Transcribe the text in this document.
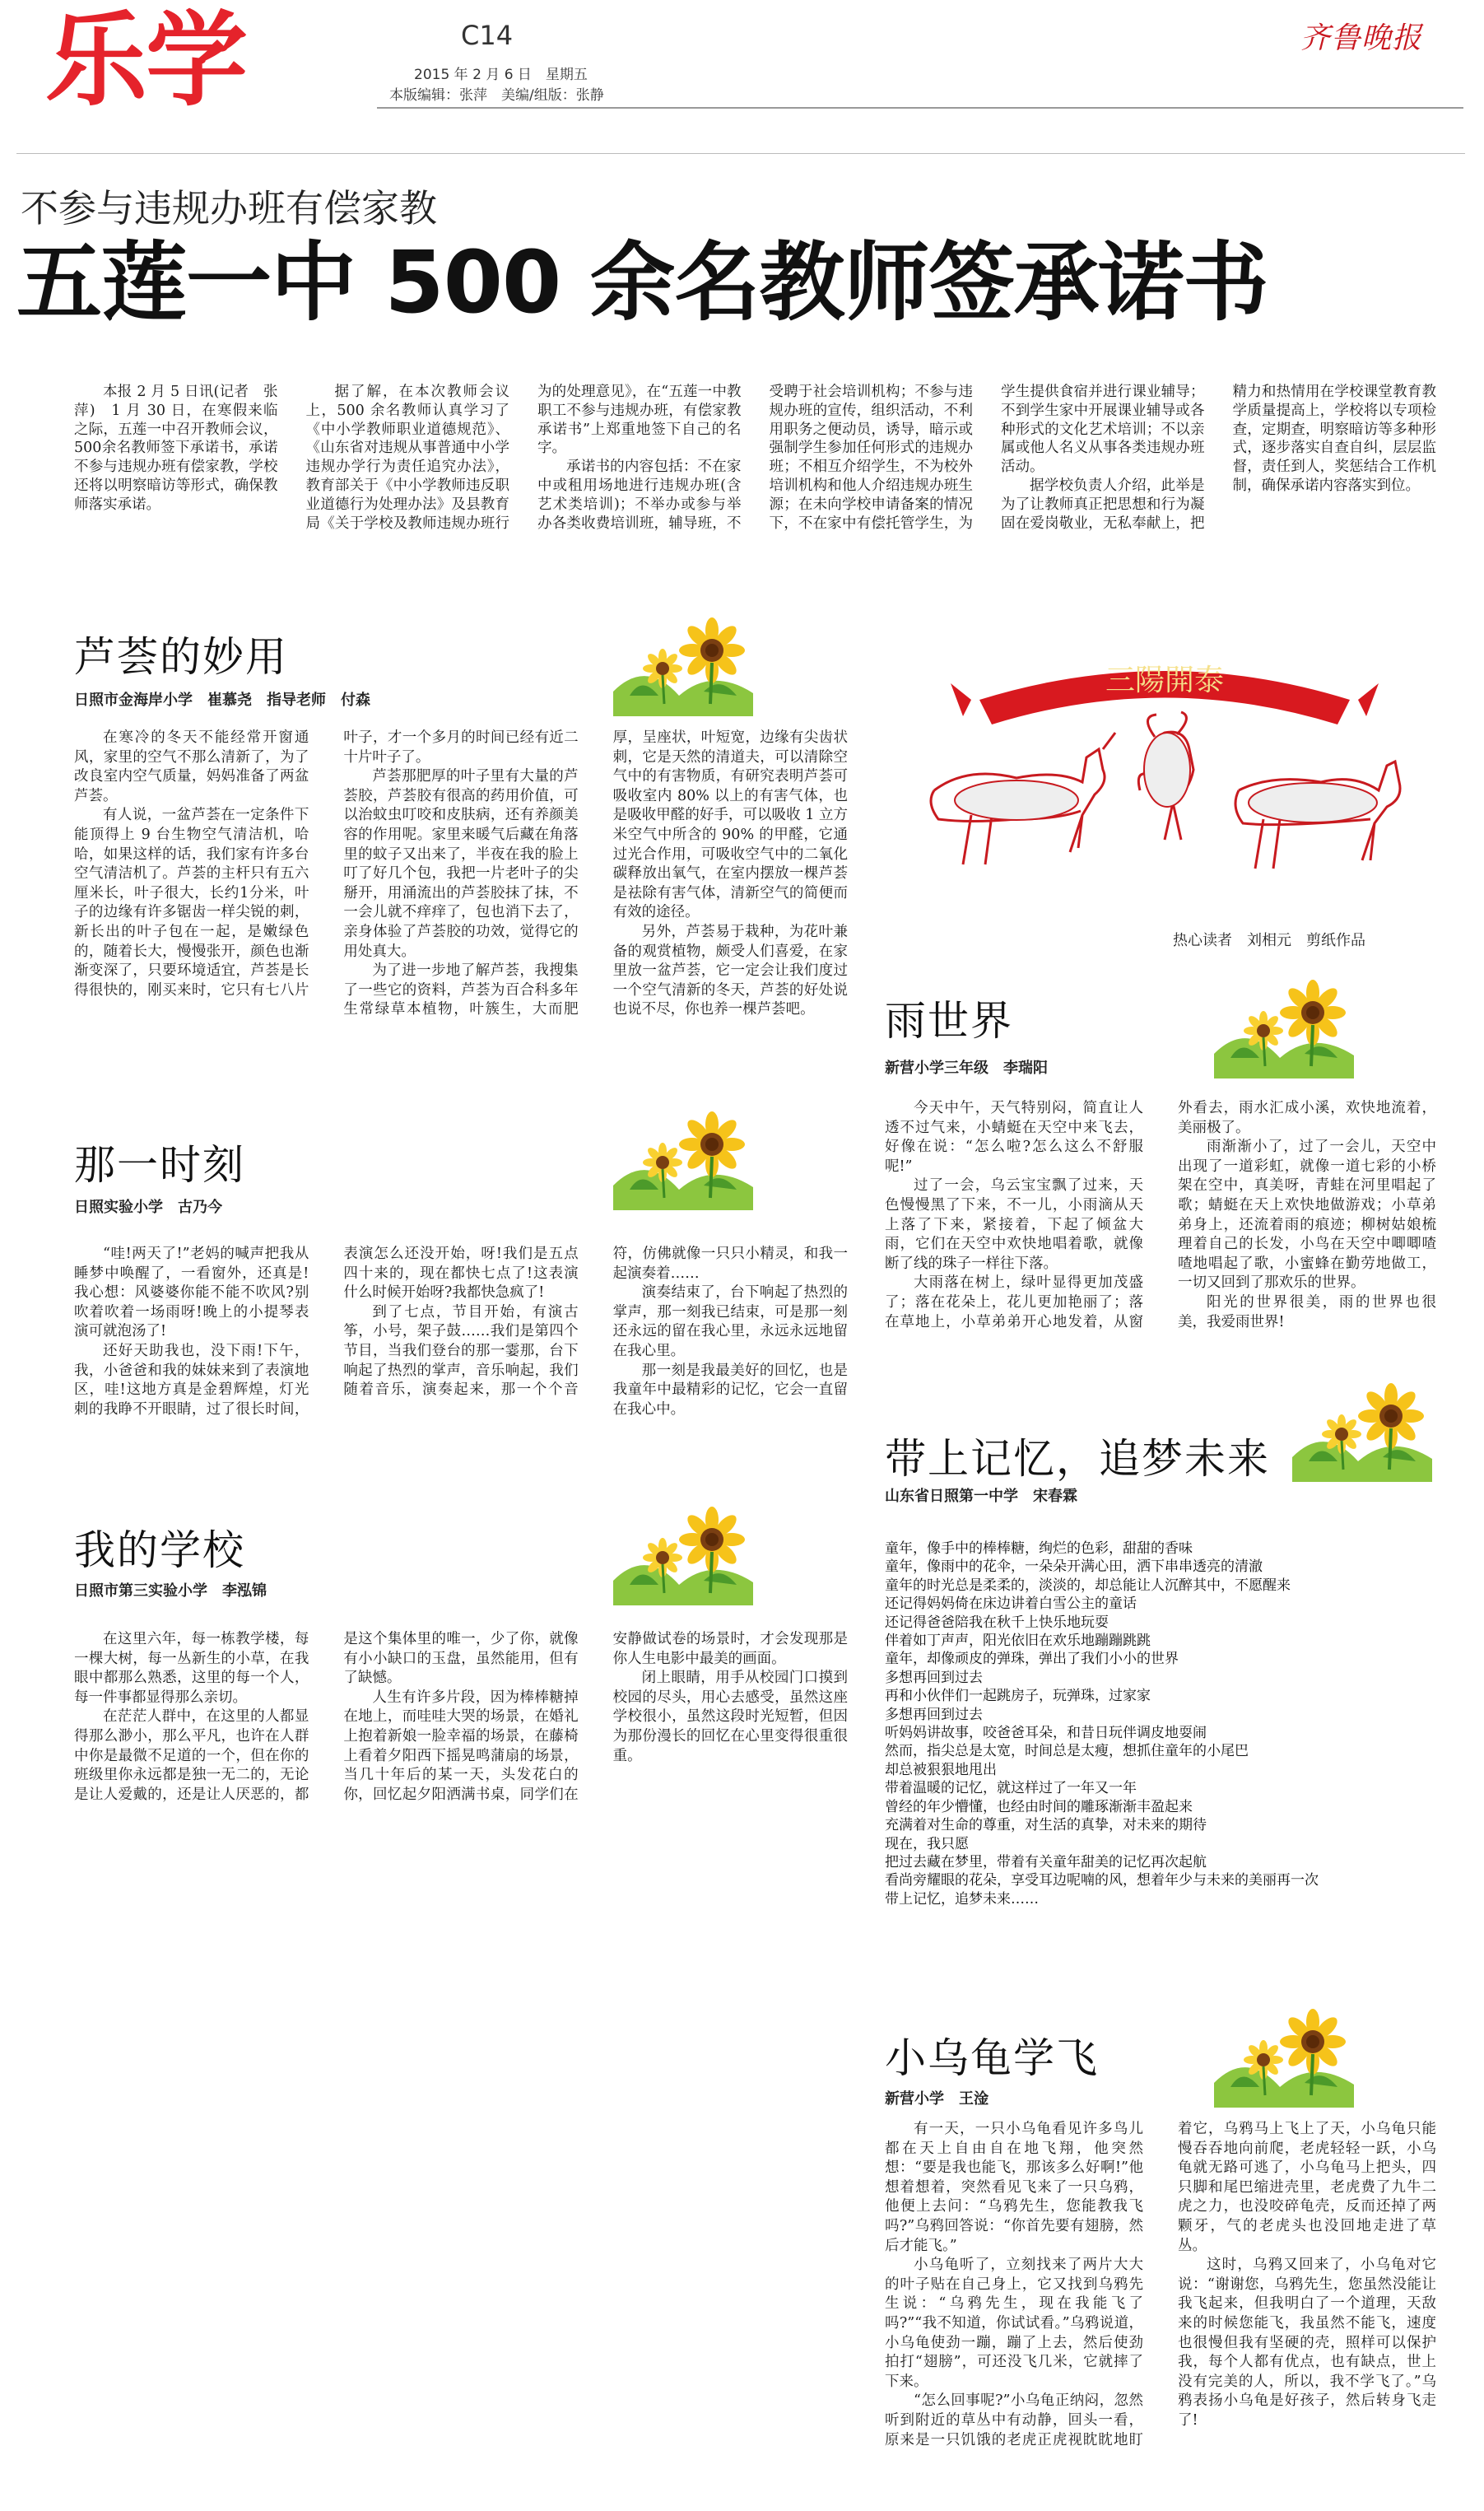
乐学	C14
2015 年 2 月 6 日　 星期五
本版编辑：张萍　美编/组版：张静
齐鲁晚报
不参与违规办班有偿家教
五莲一中 500 余名教师签承诺书

本报 2 月 5 日讯(记者　张萍)　1 月 30 日，在寒假来临之际，五莲一中召开教师会议，500余名教师签下承诺书，承诺不参与违规办班有偿家教，学校还将以明察暗访等形式，确保教师落实承诺。

据了解，在本次教师会议上，500 余名教师认真学习了《中小学教师职业道德规范》、《山东省对违规从事普通中小学违规办学行为责任追究办法》，教育部关于《中小学教师违反职业道德行为处理办法》及县教育局《关于学校及教师违规办班行为的处理意见》，在“五莲一中教职工不参与违规办班，有偿家教承诺书”上郑重地签下自己的名字。

承诺书的内容包括：不在家中或租用场地进行违规办班(含艺术类培训)；不举办或参与举办各类收费培训班，辅导班，不受聘于社会培训机构；不参与违规办班的宣传，组织活动，不利用职务之便动员，诱导，暗示或强制学生参加任何形式的违规办班；不相互介绍学生，不为校外培训机构和他人介绍违规办班生源；在未向学校申请备案的情况下，不在家中有偿托管学生，为学生提供食宿并进行课业辅导；不到学生家中开展课业辅导或各种形式的文化艺术培训；不以亲属或他人名义从事各类违规办班活动。

据学校负责人介绍，此举是为了让教师真正把思想和行为凝固在爱岗敬业，无私奉献上，把精力和热情用在学校课堂教育教学质量提高上，学校将以专项检查，定期查，明察暗访等多种形式，逐步落实自查自纠，层层监督，责任到人，奖惩结合工作机制，确保承诺内容落实到位。

芦荟的妙用
日照市金海岸小学　崔慕尧　指导老师　付森

在寒冷的冬天不能经常开窗通风，家里的空气不那么清新了，为了改良室内空气质量，妈妈准备了两盆芦荟。

有人说，一盆芦荟在一定条件下能顶得上 9 台生物空气清洁机，哈哈，如果这样的话，我们家有许多台空气清洁机了。芦荟的主杆只有五六厘米长，叶子很大，长约1分米，叶子的边缘有许多锯齿一样尖锐的刺，新长出的叶子包在一起，是嫩绿色的，随着长大，慢慢张开，颜色也渐渐变深了，只要环境适宜，芦荟是长得很快的，刚买来时，它只有七八片叶子，才一个多月的时间已经有近二十片叶子了。

芦荟那肥厚的叶子里有大量的芦荟胶，芦荟胶有很高的药用价值，可以治蚊虫叮咬和皮肤病，还有养颜美容的作用呢。家里来暖气后藏在角落里的蚊子又出来了，半夜在我的脸上叮了好几个包，我把一片老叶子的尖掰开，用涌流出的芦荟胶抹了抹，不一会儿就不痒痒了，包也消下去了，亲身体验了芦荟胶的功效，觉得它的用处真大。

为了进一步地了解芦荟，我搜集了一些它的资料，芦荟为百合科多年生常绿草本植物，叶簇生，大而肥厚，呈座状，叶短宽，边缘有尖齿状刺，它是天然的清道夫，可以清除空气中的有害物质，有研究表明芦荟可吸收室内 80% 以上的有害气体，也是吸收甲醛的好手，可以吸收 1 立方米空气中所含的 90% 的甲醛，它通过光合作用，可吸收空气中的二氧化碳释放出氧气，在室内摆放一棵芦荟是祛除有害气体，清新空气的简便而有效的途径。

另外，芦荟易于栽种，为花叶兼备的观赏植物，颇受人们喜爱，在家里放一盆芦荟，它一定会让我们度过一个空气清新的冬天，芦荟的好处说也说不尽，你也养一棵芦荟吧。

那一时刻
日照实验小学　古乃今

“哇!两天了!”老妈的喊声把我从睡梦中唤醒了，一看窗外，还真是!我心想：风婆婆你能不能不吹风?别吹着吹着一场雨呀!晚上的小提琴表演可就泡汤了!

还好天助我也，没下雨!下午，我，小爸爸和我的妹妹来到了表演地区，哇!这地方真是金碧辉煌，灯光刺的我睁不开眼睛，过了很长时间，表演怎么还没开始，呀!我们是五点四十来的，现在都快七点了!这表演什么时候开始呀?我都快急疯了!

到了七点，节目开始，有演古筝，小号，架子鼓……我们是第四个节目，当我们登台的那一霎那，台下响起了热烈的掌声，音乐响起，我们随着音乐，演奏起来，那一个个音符，仿佛就像一只只小精灵，和我一起演奏着……

演奏结束了，台下响起了热烈的掌声，那一刻我已结束，可是那一刻还永远的留在我心里，永远永远地留在我心里。

那一刻是我最美好的回忆，也是我童年中最精彩的记忆，它会一直留在我心中。

我的学校
日照市第三实验小学　李泓锦

在这里六年，每一栋教学楼，每一棵大树，每一丛新生的小草，在我眼中都那么熟悉，这里的每一个人，每一件事都显得那么亲切。

在茫茫人群中，在这里的人都显得那么渺小，那么平凡，也许在人群中你是最微不足道的一个，但在你的班级里你永远都是独一无二的，无论是让人爱戴的，还是让人厌恶的，都是这个集体里的唯一，少了你，就像有小小缺口的玉盘，虽然能用，但有了缺憾。

人生有许多片段，因为棒棒糖掉在地上，而哇哇大哭的场景，在婚礼上抱着新娘一脸幸福的场景，在藤椅上看着夕阳西下摇晃鸣蒲扇的场景，当几十年后的某一天，头发花白的你，回忆起夕阳洒满书桌，同学们在安静做试卷的场景时，才会发现那是你人生电影中最美的画面。

闭上眼睛，用手从校园门口摸到校园的尽头，用心去感受，虽然这座学校很小，虽然这段时光短暂，但因为那份漫长的回忆在心里变得很重很重。

三陽開泰
热心读者　刘相元　剪纸作品
雨世界
新营小学三年级　李瑞阳

今天中午，天气特别闷，简直让人透不过气来，小蜻蜓在天空中来飞去，好像在说：“怎么啦?怎么这么不舒服呢!”

过了一会，乌云宝宝飘了过来，天色慢慢黑了下来，不一儿，小雨滴从天上落了下来，紧接着，下起了倾盆大雨，它们在天空中欢快地唱着歌，就像断了线的珠子一样往下落。

大雨落在树上，绿叶显得更加茂盛了；落在花朵上，花儿更加艳丽了；落在草地上，小草弟弟开心地发着，从窗外看去，雨水汇成小溪，欢快地流着，美丽极了。

雨渐渐小了，过了一会儿，天空中出现了一道彩虹，就像一道七彩的小桥架在空中，真美呀，青蛙在河里唱起了歌；蜻蜓在天上欢快地做游戏；小草弟弟身上，还流着雨的痕迹；柳树姑娘梳理着自己的长发，小鸟在天空中唧唧喳喳地唱起了歌，小蜜蜂在勤劳地做工，一切又回到了那欢乐的世界。

阳光的世界很美，雨的世界也很美，我爱雨世界!

带上记忆，追梦未来
山东省日照第一中学　宋春霖
童年，像手中的棒棒糖，绚烂的色彩，甜甜的香味
童年，像雨中的花伞，一朵朵开满心田，洒下串串透亮的清澈
童年的时光总是柔柔的，淡淡的，却总能让人沉醉其中，不愿醒来
还记得妈妈倚在床边讲着白雪公主的童话
还记得爸爸陪我在秋千上快乐地玩耍
伴着如丁声声，阳光依旧在欢乐地蹦蹦跳跳
童年，却像顽皮的弹珠，弹出了我们小小的世界
多想再回到过去
再和小伙伴们一起跳房子，玩弹珠，过家家
多想再回到过去
听妈妈讲故事，咬爸爸耳朵，和昔日玩伴调皮地耍闹
然而，指尖总是太宽，时间总是太瘦，想抓住童年的小尾巴
却总被狠狠地甩出
带着温暖的记忆，就这样过了一年又一年
曾经的年少懵懂，也经由时间的雕琢渐渐丰盈起来
充满着对生命的尊重，对生活的真挚，对未来的期待
现在，我只愿
把过去藏在梦里，带着有关童年甜美的记忆再次起航
看尚旁耀眼的花朵，享受耳边呢喃的风，想着年少与未来的美丽再一次
带上记忆，追梦未来……
小乌龟学飞
新营小学　王淦

有一天，一只小乌龟看见许多鸟儿都在天上自由自在地飞翔，他突然想：“要是我也能飞，那该多么好啊!”他想着想着，突然看见飞来了一只乌鸦，他便上去问：“乌鸦先生，您能教我飞吗?”乌鸦回答说：“你首先要有翅膀，然后才能飞。”

小乌龟听了，立刻找来了两片大大的叶子贴在自己身上，它又找到乌鸦先生说：“乌鸦先生，现在我能飞了吗?”“我不知道，你试试看。”乌鸦说道，小乌龟使劲一蹦，蹦了上去，然后使劲拍打“翅膀”，可还没飞几米，它就摔了下来。

“怎么回事呢?”小乌龟正纳闷，忽然听到附近的草丛中有动静，回头一看，原来是一只饥饿的老虎正虎视眈眈地盯着它，乌鸦马上飞上了天，小乌龟只能慢吞吞地向前爬，老虎轻轻一跃，小乌龟就无路可逃了，小乌龟马上把头，四只脚和尾巴缩进壳里，老虎费了九牛二虎之力，也没咬碎龟壳，反而还掉了两颗牙，气的老虎头也没回地走进了草丛。

这时，乌鸦又回来了，小乌龟对它说：“谢谢您，乌鸦先生，您虽然没能让我飞起来，但我明白了一个道理，天敌来的时候您能飞，我虽然不能飞，速度也很慢但我有坚硬的壳，照样可以保护我，每个人都有优点，也有缺点，世上没有完美的人，所以，我不学飞了。”乌鸦表扬小乌龟是好孩子，然后转身飞走了!
